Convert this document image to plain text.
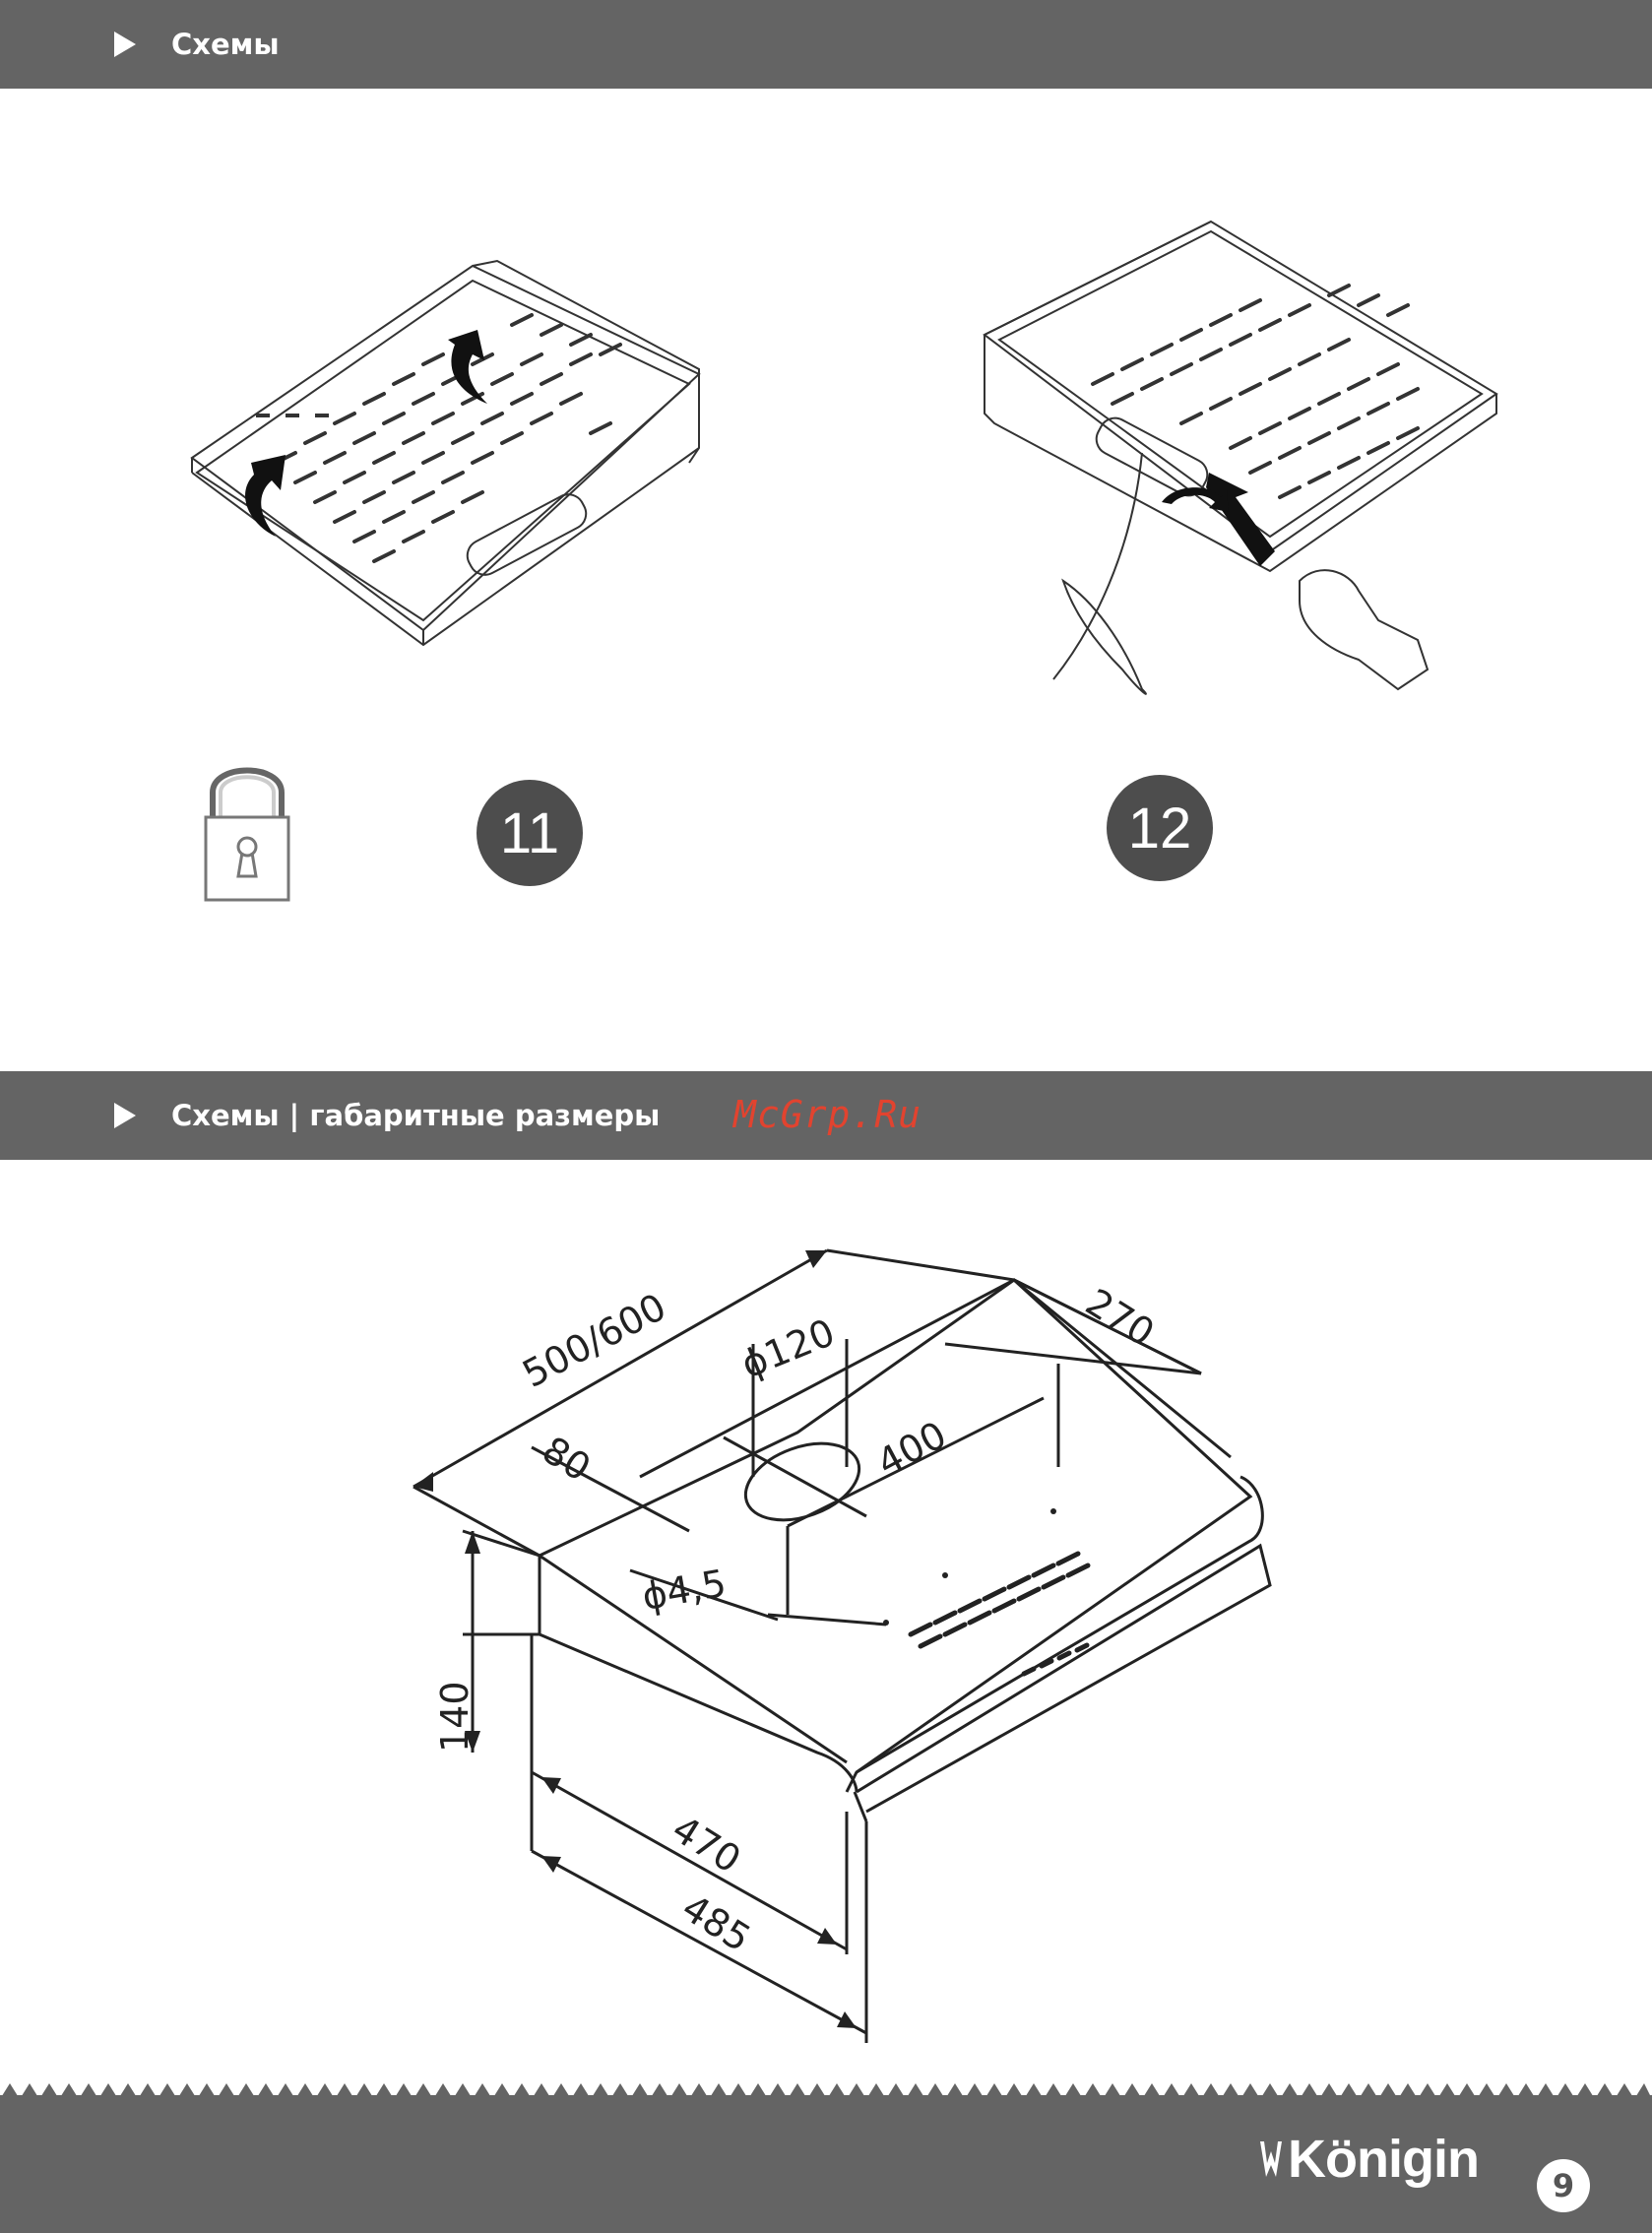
Схемы
11	12
Схемы | габаритные размеры McGrp.Ru
500/600 ϕ120	270
80	400
ϕ4,5
140
470
485
Königin	9
